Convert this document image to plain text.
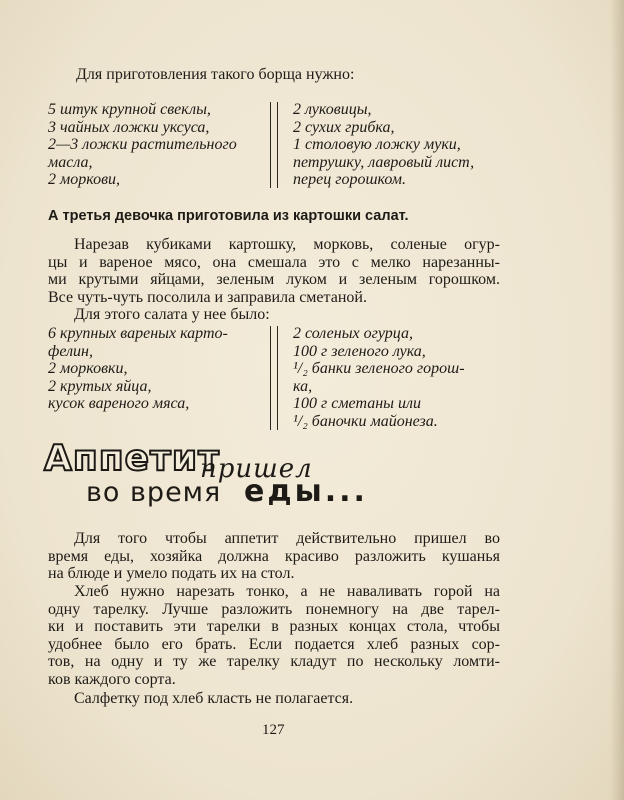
Для приготовления такого борща нужно:
5 штук крупной свеклы,
3 чайных ложки уксуса,
2—3 ложки растительного
масла,
2 моркови,
2 луковицы,
2 сухих грибка,
1 столовую ложку муки,
петрушку, лавровый лист,
перец горошком.
А третья девочка приготовила из картошки салат.
Нарезав кубиками картошку, морковь, соленые огур-
цы и вареное мясо, она смешала это с мелко нарезанны-
ми крутыми яйцами, зеленым луком и зеленым горошком.
Все чуть-чуть посолила и заправила сметаной.
Для этого салата у нее было:
6 крупных вареных карто-
фелин,
2 морковки,
2 крутых яйца,
кусок вареного мяса,
2 соленых огурца,
100 г зеленого лука,
¹/₂ банки зеленого горош-
ка,
100 г сметаны или
¹/₂ баночки майонеза.
Аппетит
пришел
во время еды...
Для того чтобы аппетит действительно пришел во
время еды, хозяйка должна красиво разложить кушанья
на блюде и умело подать их на стол.
Хлеб нужно нарезать тонко, а не наваливать горой на
одну тарелку. Лучше разложить понемногу на две тарел-
ки и поставить эти тарелки в разных концах стола, чтобы
удобнее было его брать. Если подается хлеб разных сор-
тов, на одну и ту же тарелку кладут по нескольку ломти-
ков каждого сорта.
Салфетку под хлеб класть не полагается.
127
